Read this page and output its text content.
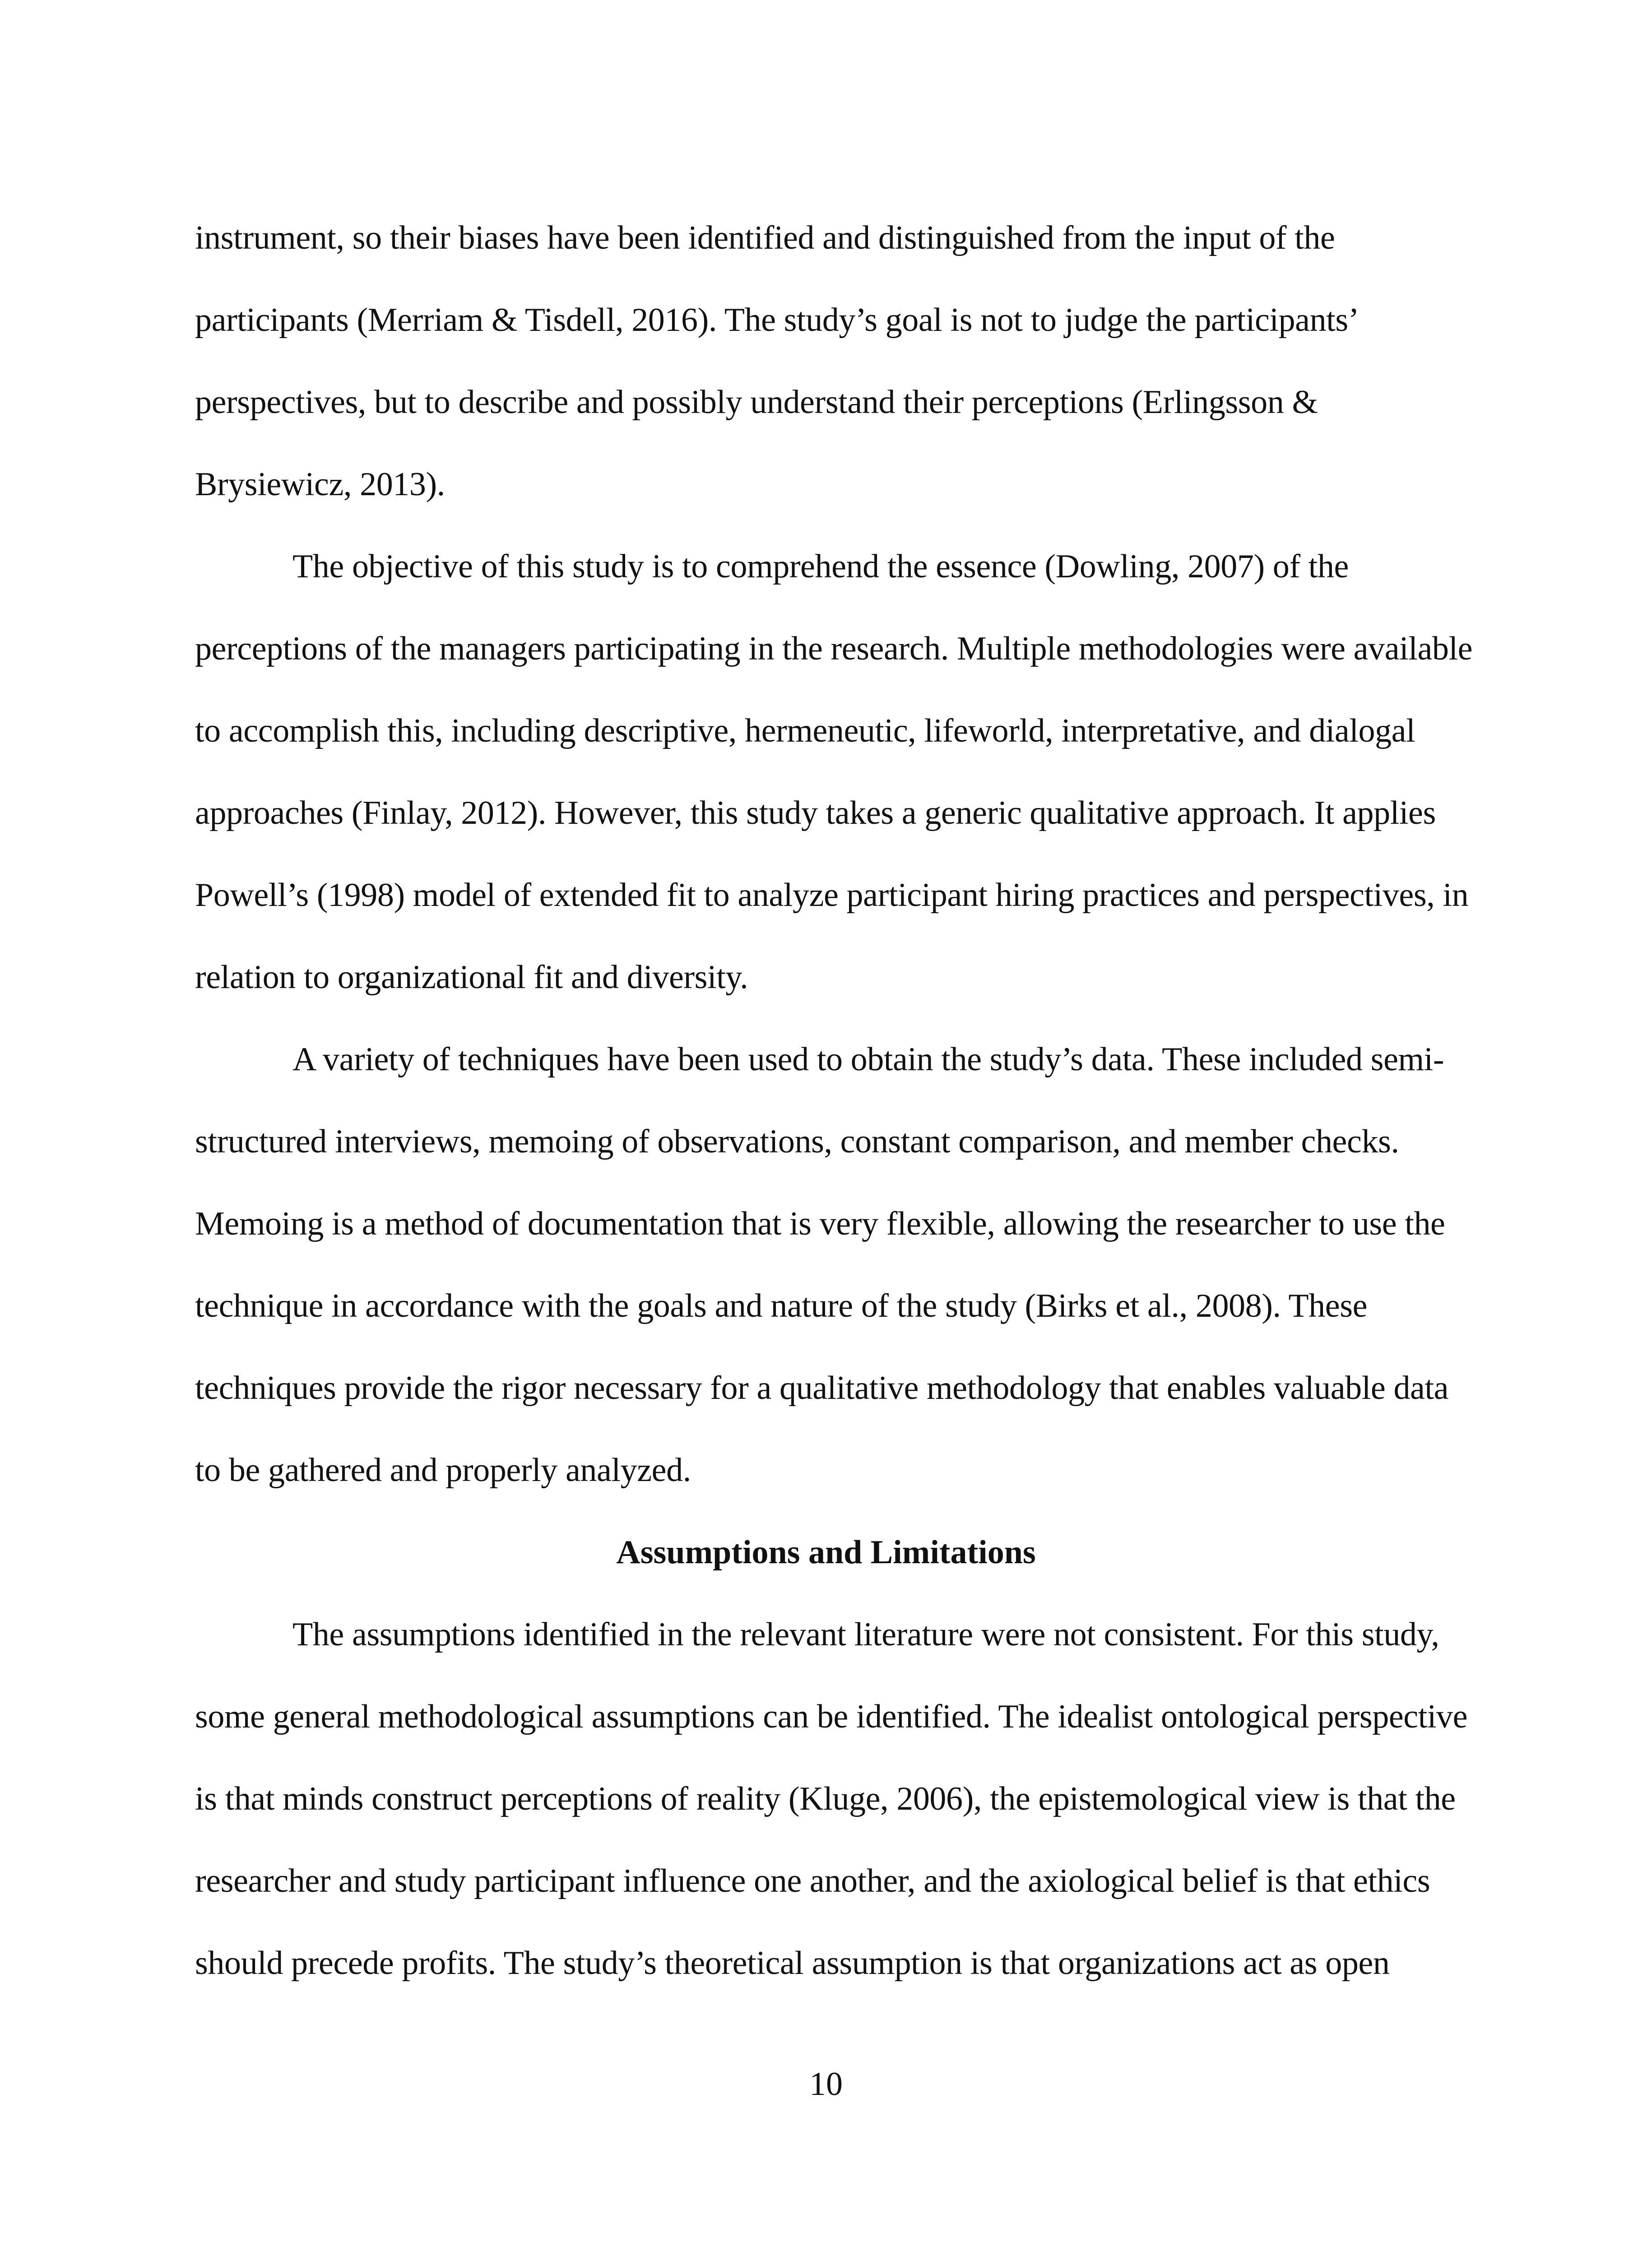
instrument, so their biases have been identified and distinguished from the input of the
participants (Merriam & Tisdell, 2016). The study’s goal is not to judge the participants’
perspectives, but to describe and possibly understand their perceptions (Erlingsson &
Brysiewicz, 2013).
The objective of this study is to comprehend the essence (Dowling, 2007) of the
perceptions of the managers participating in the research. Multiple methodologies were available
to accomplish this, including descriptive, hermeneutic, lifeworld, interpretative, and dialogal
approaches (Finlay, 2012). However, this study takes a generic qualitative approach. It applies
Powell’s (1998) model of extended fit to analyze participant hiring practices and perspectives, in
relation to organizational fit and diversity.
A variety of techniques have been used to obtain the study’s data. These included semi-
structured interviews, memoing of observations, constant comparison, and member checks.
Memoing is a method of documentation that is very flexible, allowing the researcher to use the
technique in accordance with the goals and nature of the study (Birks et al., 2008). These
techniques provide the rigor necessary for a qualitative methodology that enables valuable data
to be gathered and properly analyzed.
Assumptions and Limitations
The assumptions identified in the relevant literature were not consistent. For this study,
some general methodological assumptions can be identified. The idealist ontological perspective
is that minds construct perceptions of reality (Kluge, 2006), the epistemological view is that the
researcher and study participant influence one another, and the axiological belief is that ethics
should precede profits. The study’s theoretical assumption is that organizations act as open
10
